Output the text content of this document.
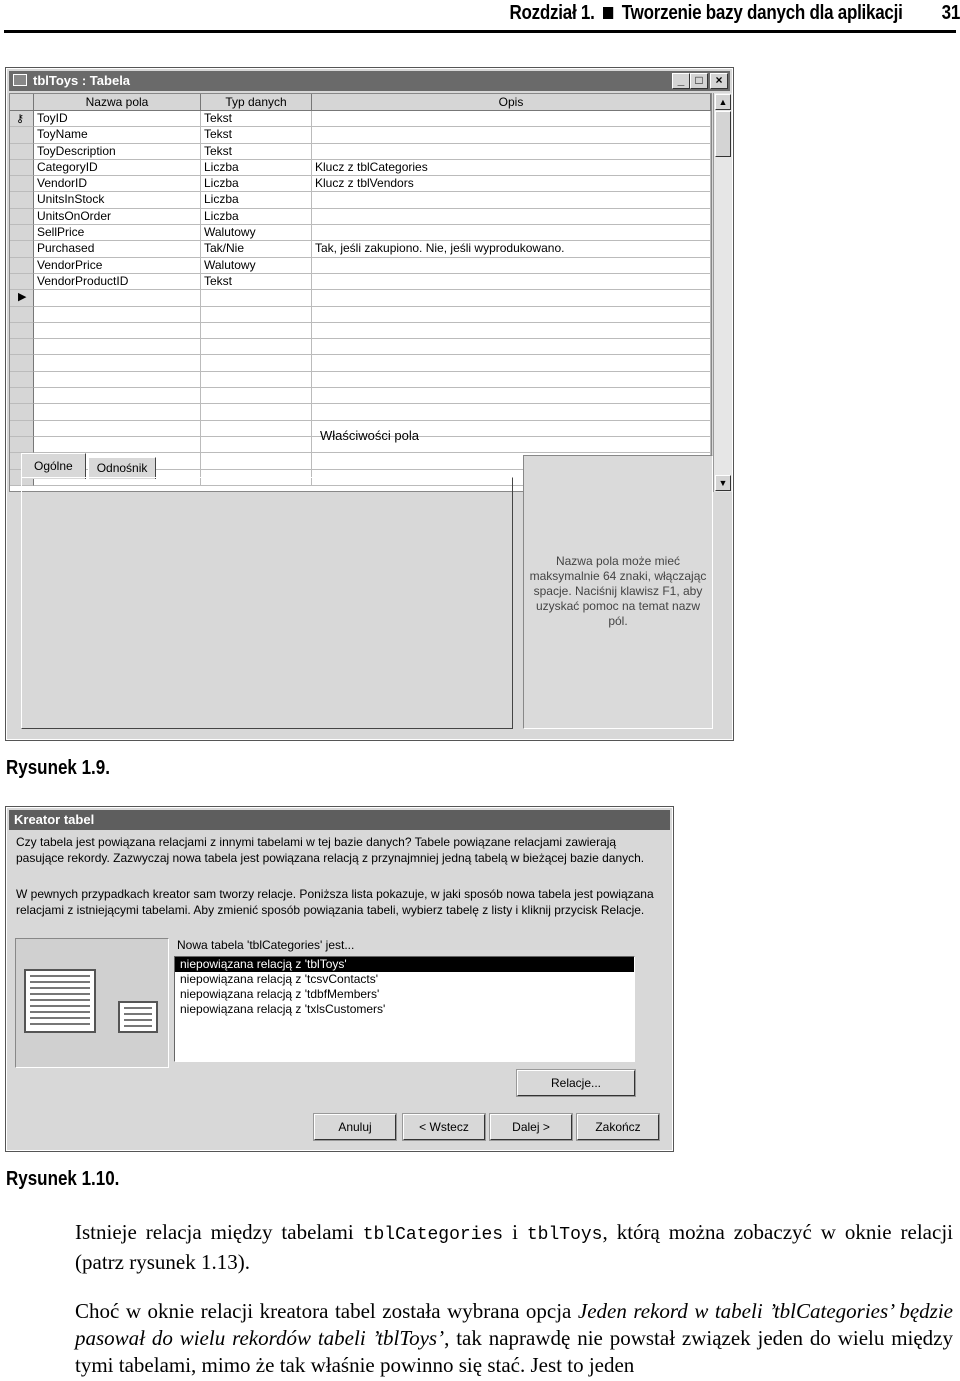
Rozdział 1. Tworzenie bazy danych dla aplikacji 31
tblToys : Tabela	_ □	×
Nazwa pola	Typ danych	Opis
⚷ ToyID	Tekst
ToyName	Tekst
ToyDescription	Tekst
CategoryID	Liczba	Klucz z tblCategories
VendorID	Liczba	Klucz z tblVendors
UnitsInStock	Liczba
UnitsOnOrder	Liczba
SellPrice	Walutowy
Purchased	Tak/Nie	Tak, jeśli zakupiono. Nie, jeśli wyprodukowano.
VendorPrice	Walutowy
VendorProductID	Tekst
▶
▲
▼
Właściwości pola
Ogólne	Odnośnik
Nazwa pola może mieć maksymalnie 64 znaki, włączając spacje. Naciśnij klawisz F1, aby uzyskać pomoc na temat nazw pól.
Rysunek 1.9.
Kreator tabel
Czy tabela jest powiązana relacjami z innymi tabelami w tej bazie danych? Tabele powiązane relacjami zawierają pasujące rekordy. Zazwyczaj nowa tabela jest powiązana relacją z przynajmniej jedną tabelą w bieżącej bazie danych.
W pewnych przypadkach kreator sam tworzy relacje. Poniższa lista pokazuje, w jaki sposób nowa tabela jest powiązana relacjami z istniejącymi tabelami. Aby zmienić sposób powiązania tabeli, wybierz tabelę z listy i kliknij przycisk Relacje.
Nowa tabela 'tblCategories' jest...
niepowiązana relacją z 'tblToys'
niepowiązana relacją z 'tcsvContacts'
niepowiązana relacją z 'tdbfMembers'
niepowiązana relacją z 'txlsCustomers'
Relacje...
Anuluj	< Wstecz	Dalej >	Zakończ
Rysunek 1.10.
Istnieje relacja między tabelami tblCategories i tblToys, którą można zobaczyć w oknie relacji (patrz rysunek 1.13).
Choć w oknie relacji kreatora tabel została wybrana opcja Jeden rekord w tabeli ’tblCategories’ będzie pasował do wielu rekordów tabeli ’tblToys’, tak naprawdę nie powstał związek jeden do wielu między tymi tabelami, mimo że tak właśnie powinno się stać. Jest to jeden
